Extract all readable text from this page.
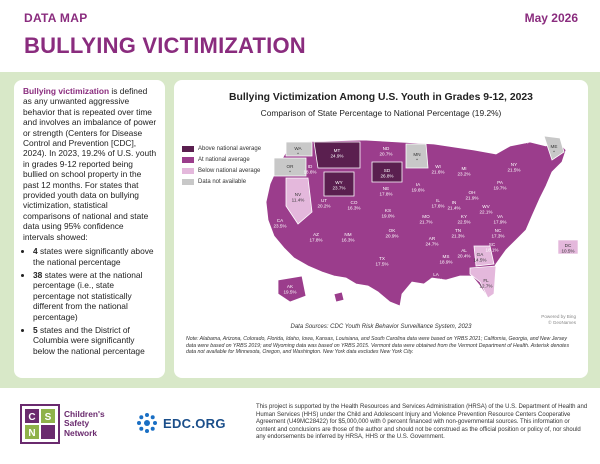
DATA MAP	May 2026
BULLYING VICTIMIZATION
Bullying victimization is defined as any unwanted aggressive behavior that is repeated over time and involves an imbalance of power or strength (Centers for Disease Control and Prevention [CDC], 2024). In 2023, 19.2% of U.S. youth in grades 9-12 reported being bullied on school property in the past 12 months. For states that provided youth data on bullying victimization, statistical comparisons of national and state data using 95% confidence intervals showed:
• 4 states were significantly above the national percentage
• 38 states were at the national percentage (i.e., state percentage not statistically different from the national percentage)
• 5 states and the District of Columbia were significantly below the national percentage
Bullying Victimization Among U.S. Youth in Grades 9-12, 2023
Comparison of State Percentage to National Percentage (19.2%)
WA
*
OR
*
MT
24.9%
ID
18.6%
WY
23.7%
ND
20.7%
SD
26.8%
MN
*
NV
11.4%
CA
23.5%
UT
20.2%
CO
16.3%
NE
17.8%
IA
19.6%
WI
21.6%
MI
23.2%
IL
17.6%
IN
21.4%
OH
21.9%
PA
19.7%
NY
21.5%
VT
21.0%
NH
24.2%
ME
*
MA
15.9%
RI
16.0%
CT
18.0%
NJ
16.4%
DE
13.9%
MD
14.2%
DC
10.5%
WV
22.1%
VA
17.9%
KY
22.5%
TN
21.3%
NC
17.3%
SC
18.1%
GA
14.5%
FL
12.7%
AL
20.4%
MS
18.9%
LA
18.5%
AR
24.7%
MO
21.7%
KS
19.0%
OK
20.9%
TX
17.5%
NM
16.3%
AZ
17.8%
AK
19.5%
HI
15.5%
Above national average
At national average
Below national average
Data not available
Powered by Bing
© GeoNames
Data Sources: CDC Youth Risk Behavior Surveillance System, 2023
Note: Alabama, Arizona, Colorado, Florida, Idaho, Iowa, Kansas, Louisiana, and South Carolina data were based on YRBS 2021; California, Georgia, and New Jersey data were based on YRBS 2019; and Wyoming data was based on YRBS 2015. Vermont data were obtained from the Vermont Department of Health. Asterisk denotes data not available for Minnesota, Oregon, and Washington. New York data excludes New York City.
C S
N
Children's
Safety
Network
EDC.ORG
This project is supported by the Health Resources and Services Administration (HRSA) of the U.S. Department of Health and Human Services (HHS) under the Child and Adolescent Injury and Violence Prevention Resource Centers Cooperative Agreement (U49MC28422) for $5,000,000 with 0 percent financed with non-governmental sources. This information or content and conclusions are those of the author and should not be construed as the official position or policy of, nor should any endorsements be inferred by HRSA, HHS or the U.S. Government.
